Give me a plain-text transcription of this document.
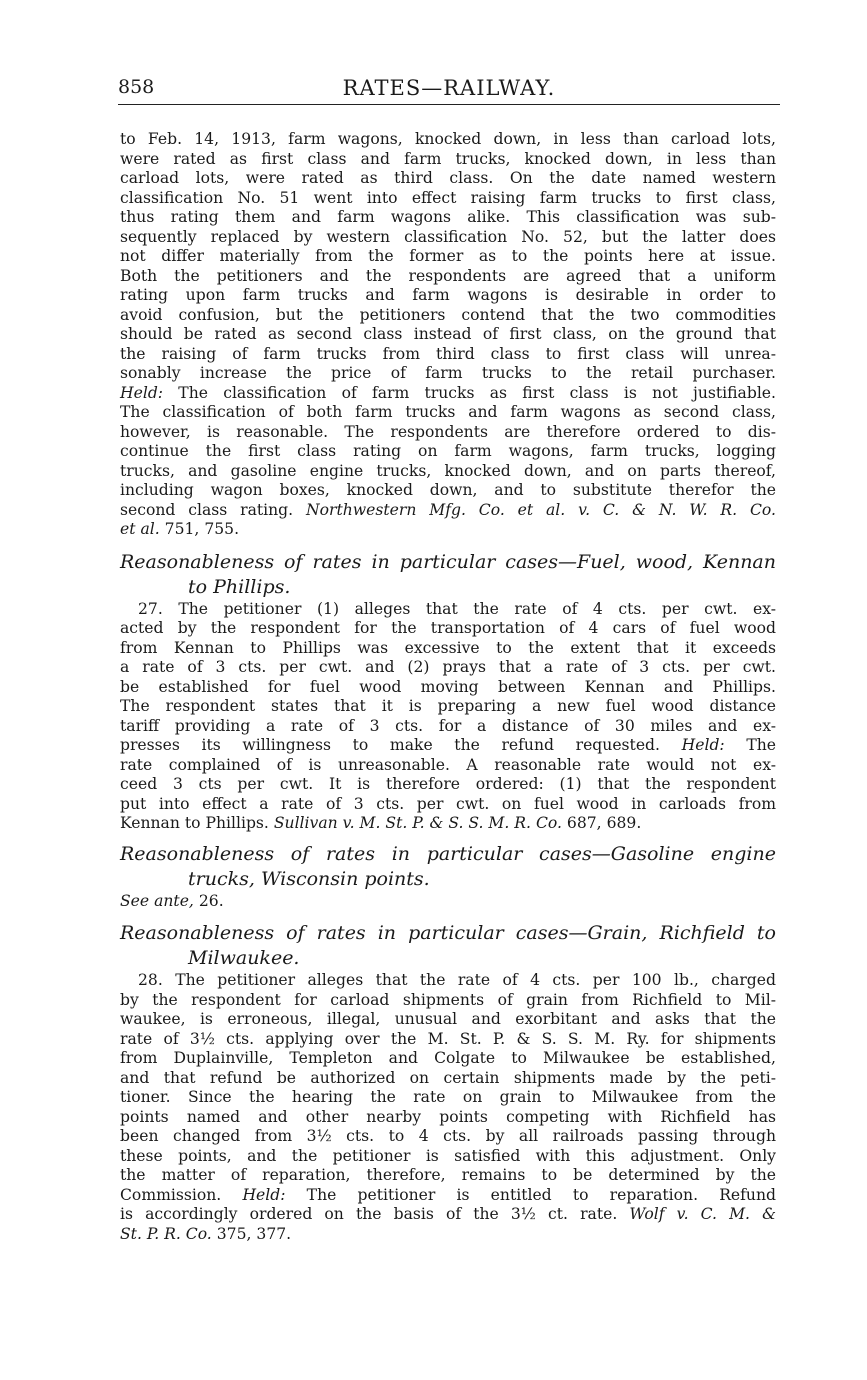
858	RATES—RAILWAY.
to Feb. 14, 1913, farm wagons, knocked down, in less than carload lots,
were rated as first class and farm trucks, knocked down, in less than
carload lots, were rated as third class. On the date named western
classification No. 51 went into effect raising farm trucks to first class,
thus rating them and farm wagons alike. This classification was sub-
sequently replaced by western classification No. 52, but the latter does
not differ materially from the former as to the points here at issue.
Both the petitioners and the respondents are agreed that a uniform
rating upon farm trucks and farm wagons is desirable in order to
avoid confusion, but the petitioners contend that the two commodities
should be rated as second class instead of first class, on the ground that
the raising of farm trucks from third class to first class will unrea-
sonably increase the price of farm trucks to the retail purchaser.
Held: The classification of farm trucks as first class is not justifiable.
The classification of both farm trucks and farm wagons as second class,
however, is reasonable. The respondents are therefore ordered to dis-
continue the first class rating on farm wagons, farm trucks, logging
trucks, and gasoline engine trucks, knocked down, and on parts thereof,
including wagon boxes, knocked down, and to substitute therefor the
second class rating. Northwestern Mfg. Co. et al. v. C. & N. W. R. Co.
et al. 751, 755.
Reasonableness of rates in particular cases—Fuel, wood, Kennan
to Phillips.
27. The petitioner (1) alleges that the rate of 4 cts. per cwt. ex-
acted by the respondent for the transportation of 4 cars of fuel wood
from Kennan to Phillips was excessive to the extent that it exceeds
a rate of 3 cts. per cwt. and (2) prays that a rate of 3 cts. per cwt.
be established for fuel wood moving between Kennan and Phillips.
The respondent states that it is preparing a new fuel wood distance
tariff providing a rate of 3 cts. for a distance of 30 miles and ex-
presses its willingness to make the refund requested. Held: The
rate complained of is unreasonable. A reasonable rate would not ex-
ceed 3 cts per cwt. It is therefore ordered: (1) that the respondent
put into effect a rate of 3 cts. per cwt. on fuel wood in carloads from
Kennan to Phillips. Sullivan v. M. St. P. & S. S. M. R. Co. 687, 689.
Reasonableness of rates in particular cases—Gasoline engine
trucks, Wisconsin points.
See ante, 26.
Reasonableness of rates in particular cases—Grain, Richfield to
Milwaukee.
28. The petitioner alleges that the rate of 4 cts. per 100 lb., charged
by the respondent for carload shipments of grain from Richfield to Mil-
waukee, is erroneous, illegal, unusual and exorbitant and asks that the
rate of 3½ cts. applying over the M. St. P. & S. S. M. Ry. for shipments
from Duplainville, Templeton and Colgate to Milwaukee be established,
and that refund be authorized on certain shipments made by the peti-
tioner. Since the hearing the rate on grain to Milwaukee from the
points named and other nearby points competing with Richfield has
been changed from 3½ cts. to 4 cts. by all railroads passing through
these points, and the petitioner is satisfied with this adjustment. Only
the matter of reparation, therefore, remains to be determined by the
Commission. Held: The petitioner is entitled to reparation. Refund
is accordingly ordered on the basis of the 3½ ct. rate. Wolf v. C. M. &
St. P. R. Co. 375, 377.
